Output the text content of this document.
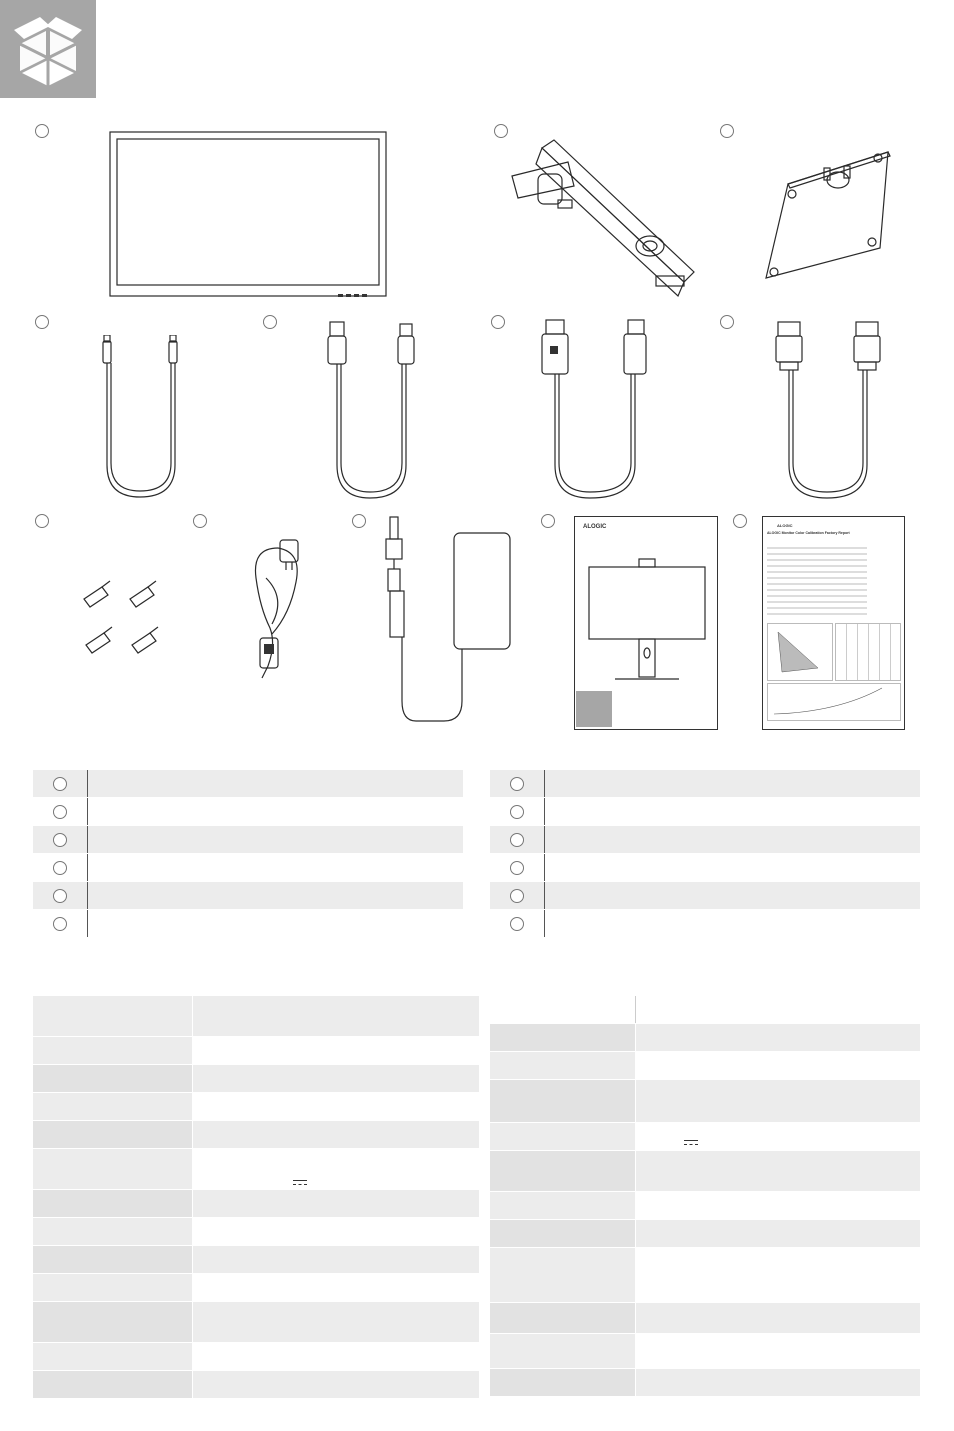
ALOGIC	ALOGIC
ALOGIC Monitor Color Calibration Factory Report
